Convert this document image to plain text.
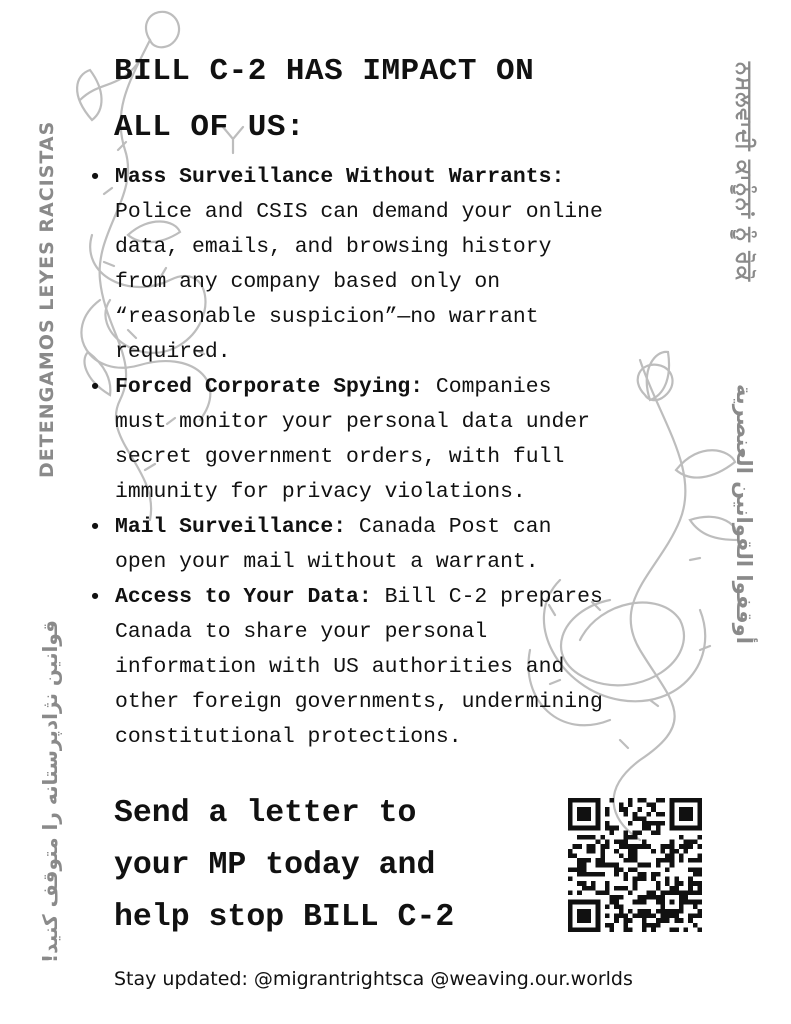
DETENGAMOS LEYES RACISTAS
قوانین نژادپرستانه را متوقف کنید!
ਨਸਲਵਾਦੀ ਕਾਨੂੰਨਾਂ ਨੂੰ ਰੋਕੋ
أوقفوا القوانين العنصرية
BILL C-2 HAS IMPACT ON
ALL OF US:
• Mass Surveillance Without Warrants:
Police and CSIS can demand your online
data, emails, and browsing history
from any company based only on
“reasonable suspicion”—no warrant
required.
• Forced Corporate Spying: Companies
must monitor your personal data under
secret government orders, with full
immunity for privacy violations.
• Mail Surveillance: Canada Post can
open your mail without a warrant.
• Access to Your Data: Bill C-2 prepares
Canada to share your personal
information with US authorities and
other foreign governments, undermining
constitutional protections.
Send a letter to
your MP today and
help stop BILL C-2
Stay updated: @migrantrightsca @weaving.our.worlds
